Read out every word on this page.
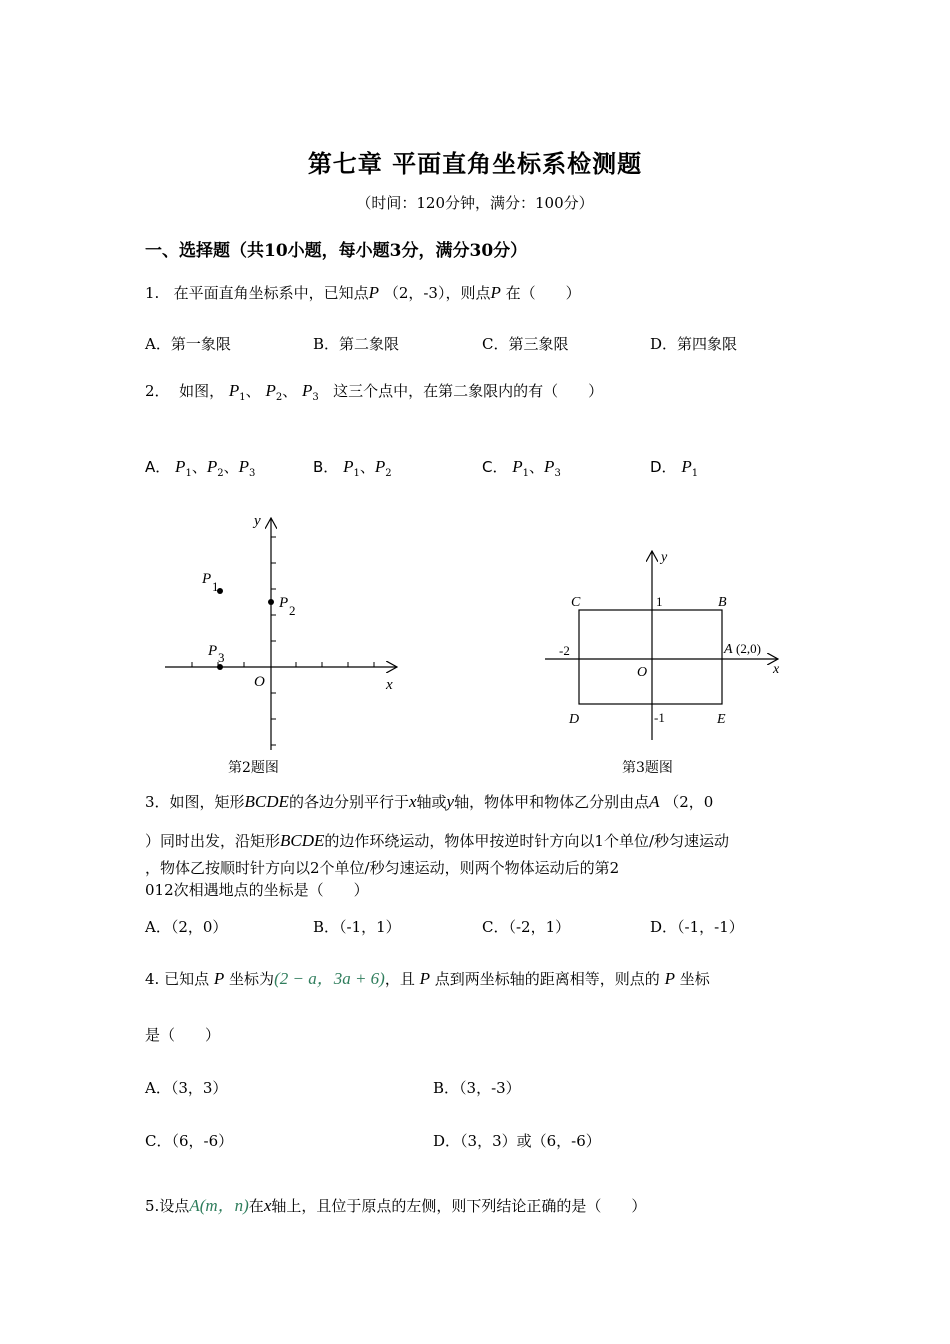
第七章 平面直角坐标系检测题
（时间：120分钟，满分：100分）
一、选择题（共10小题，每小题3分，满分30分）
1. 在平面直角坐标系中，已知点P （2，-3），则点P 在（　　）
A．第一象限	B．第二象限	C．第三象限	D．第四象限
2． 如图， $P_1$、 $P_2$、 $P_3$ 这三个点中，在第二象限内的有（　　）
A． $P_1$、$P_2$、$P_3$	B． $P_1$、$P_2$	C． $P_1$、$P_3$	D． $P_1$
y
x
O
P 1
P 2
P 3
第2题图
y
x
O
C	B
D	E
A (2,0)
1
-1
-2
第3题图
3．如图，矩形BCDE的各边分别平行于x轴或y轴，物体甲和物体乙分别由点A （2，0
）同时出发，沿矩形BCDE的边作环绕运动，物体甲按逆时针方向以1个单位/秒匀速运动
，物体乙按顺时针方向以2个单位/秒匀速运动，则两个物体运动后的第2
012次相遇地点的坐标是（　　）
A．（2，0）	B．（-1，1）	C．（-2，1）	D．（-1，-1）
4. 已知点 P 坐标为(2 − a，3a + 6)，且 P 点到两坐标轴的距离相等，则点的 P 坐标
是（　　）
A．（3，3）	B．（3，-3）
C．（6，-6）	D．（3，3）或（6，-6）
5.设点A(m，n)在x轴上，且位于原点的左侧，则下列结论正确的是（　　）
